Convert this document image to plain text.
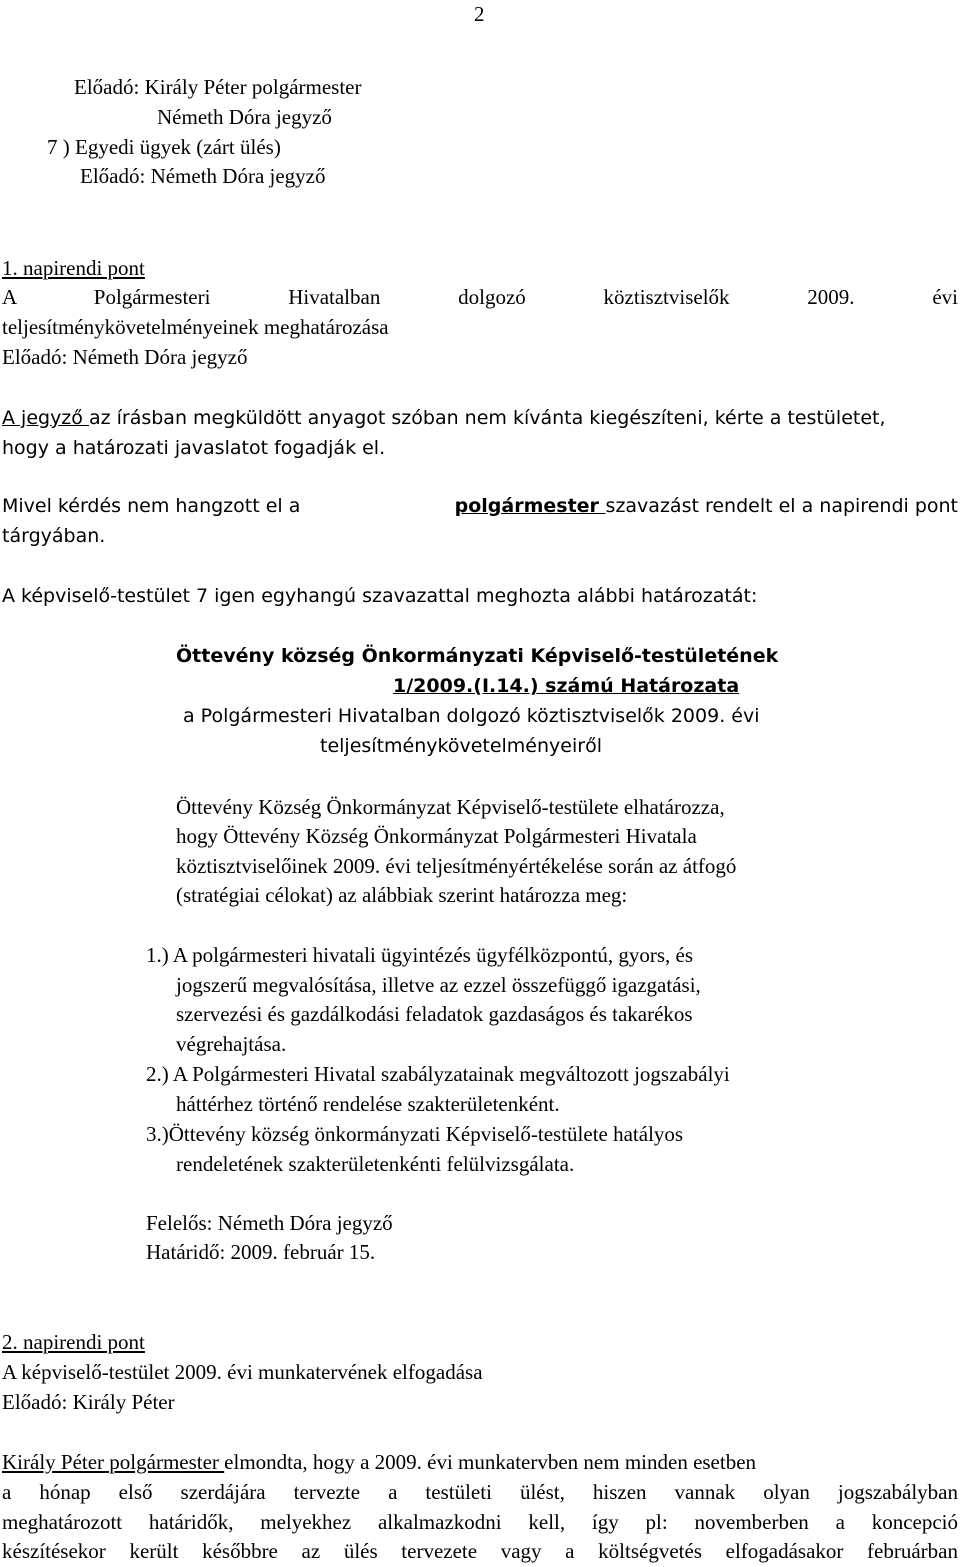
2
Előadó: Király Péter polgármester
Németh Dóra jegyző
7 ) Egyedi ügyek (zárt ülés)
Előadó: Németh Dóra jegyző
1. napirendi pont
A Polgármesteri Hivatalban dolgozó köztisztviselők 2009. évi
teljesítménykövetelményeinek meghatározása
Előadó: Németh Dóra jegyző
A jegyző az írásban megküldött anyagot szóban nem kívánta kiegészíteni, kérte a testületet,
hogy a határozati javaslatot fogadják el.
Mivel kérdés nem hangzott el a	polgármester szavazást rendelt el a napirendi pont
tárgyában.
A képviselő-testület 7 igen egyhangú szavazattal meghozta alábbi határozatát:
Öttevény község Önkormányzati Képviselő-testületének
1/2009.(I.14.) számú Határozata
a Polgármesteri Hivatalban dolgozó köztisztviselők 2009. évi
teljesítménykövetelményeiről
Öttevény Község Önkormányzat Képviselő-testülete elhatározza,
hogy Öttevény Község Önkormányzat Polgármesteri Hivatala
köztisztviselőinek 2009. évi teljesítményértékelése során az átfogó
(stratégiai célokat) az alábbiak szerint határozza meg:
1.) A polgármesteri hivatali ügyintézés ügyfélközpontú, gyors, és
jogszerű megvalósítása, illetve az ezzel összefüggő igazgatási,
szervezési és gazdálkodási feladatok gazdaságos és takarékos
végrehajtása.
2.) A Polgármesteri Hivatal szabályzatainak megváltozott jogszabályi
háttérhez történő rendelése szakterületenként.
3.)Öttevény község önkormányzati Képviselő-testülete hatályos
rendeletének szakterületenkénti felülvizsgálata.
Felelős: Németh Dóra jegyző
Határidő: 2009. február 15.
2. napirendi pont
A képviselő-testület 2009. évi munkatervének elfogadása
Előadó: Király Péter
Király Péter polgármester elmondta, hogy a 2009. évi munkatervben nem minden esetben
a hónap első szerdájára tervezte a testületi ülést, hiszen vannak olyan jogszabályban
meghatározott határidők, melyekhez alkalmazkodni kell, így pl: novemberben a koncepció
készítésekor került későbbre az ülés tervezete vagy a költségvetés elfogadásakor februárban
